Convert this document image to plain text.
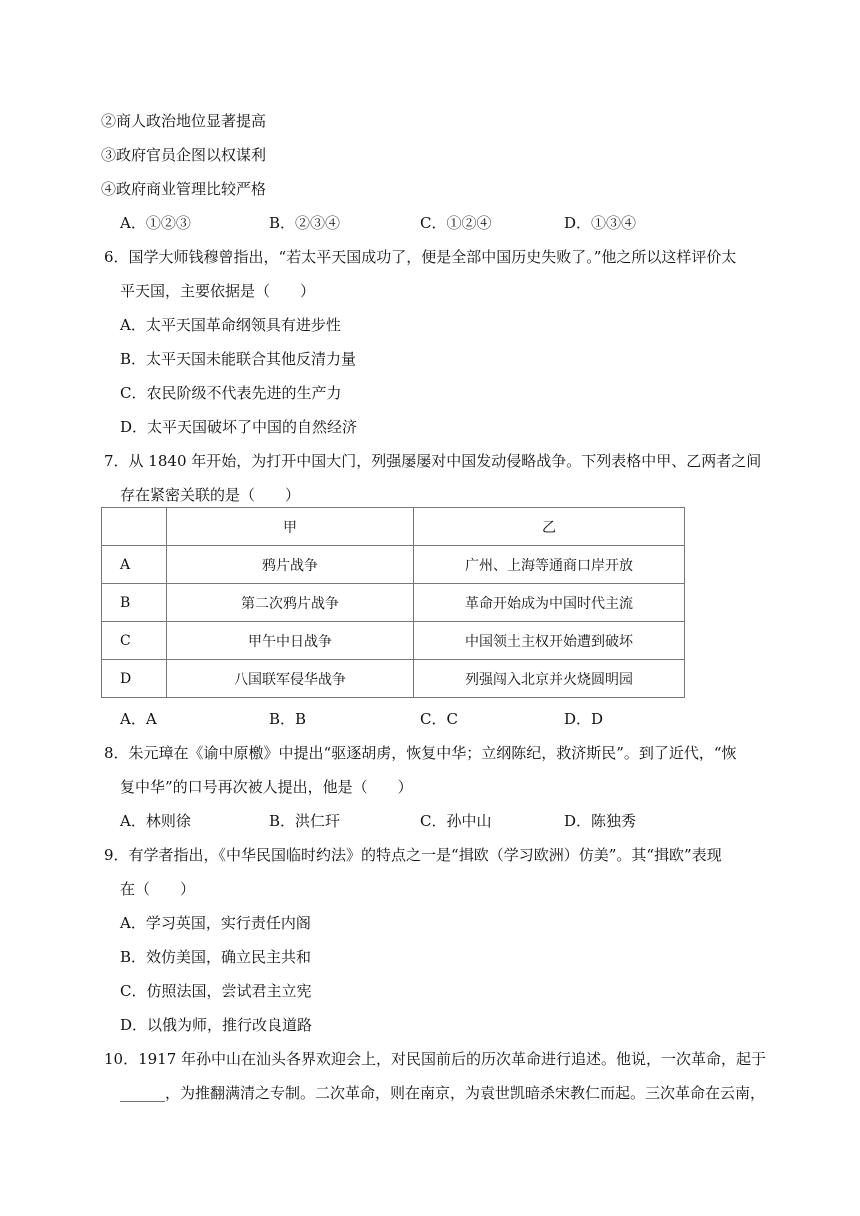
②商人政治地位显著提高
③政府官员企图以权谋利
④政府商业管理比较严格
A．①②③	B．②③④	C．①②④	D．①③④
6．国学大师钱穆曾指出，“若太平天国成功了，便是全部中国历史失败了。”他之所以这样评价太
平天国，主要依据是（　　）
A．太平天国革命纲领具有进步性
B．太平天国未能联合其他反清力量
C．农民阶级不代表先进的生产力
D．太平天国破坏了中国的自然经济
7．从 1840 年开始，为打开中国大门，列强屡屡对中国发动侵略战争。下列表格中甲、乙两者之间
存在紧密关联的是（　　）
	甲	乙
A	鸦片战争	广州、上海等通商口岸开放
B	第二次鸦片战争	革命开始成为中国时代主流
C	甲午中日战争	中国领土主权开始遭到破坏
D	八国联军侵华战争	列强闯入北京并火烧圆明园
A．A	B．B	C．C	D．D
8．朱元璋在《谕中原檄》中提出“驱逐胡虏，恢复中华；立纲陈纪，救济斯民”。到了近代，“恢
复中华”的口号再次被人提出，他是（　　）
A．林则徐	B．洪仁玕	C．孙中山	D．陈独秀
9．有学者指出，《中华民国临时约法》的特点之一是“揖欧（学习欧洲）仿美”。其“揖欧”表现
在（　　）
A．学习英国，实行责任内阁
B．效仿美国，确立民主共和
C．仿照法国，尝试君主立宪
D．以俄为师，推行改良道路
10．1917 年孙中山在汕头各界欢迎会上，对民国前后的历次革命进行追述。他说，一次革命，起于
______，为推翻满清之专制。二次革命，则在南京，为袁世凯暗杀宋教仁而起。三次革命在云南，
